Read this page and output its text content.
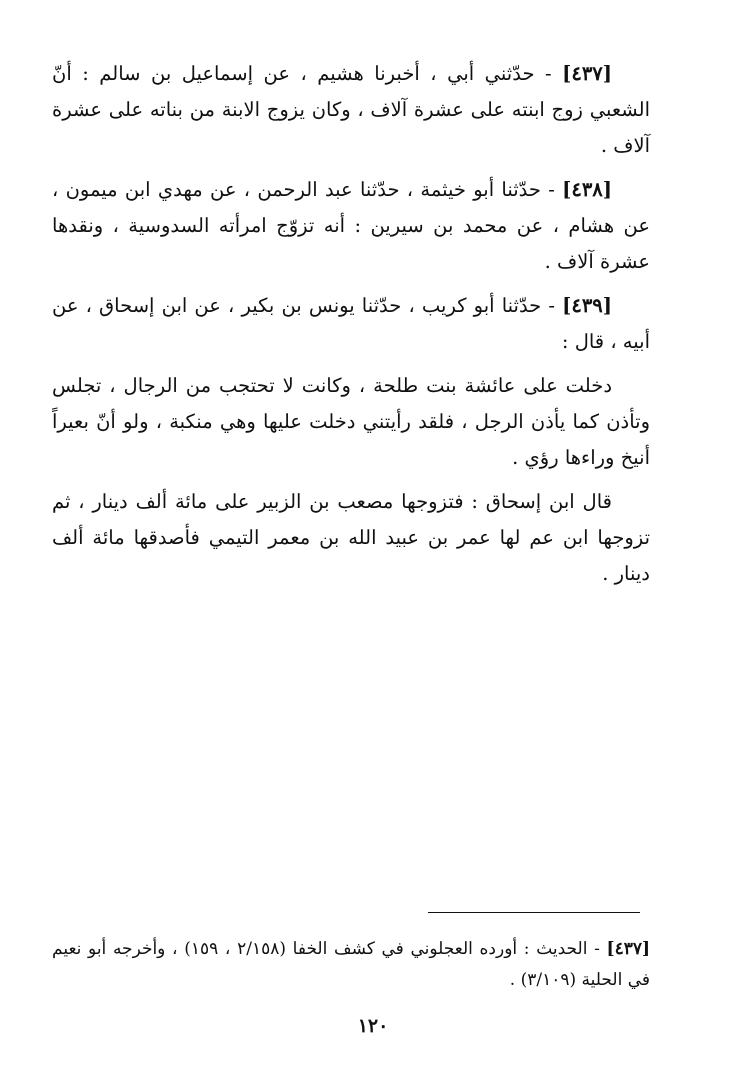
[٤٣٧] - حدّثني أبي ، أخبرنا هشيم ، عن إسماعيل بن سالم : أنّ الشعبي زوج ابنته على عشرة آلاف ، وكان يزوج الابنة من بناته على عشرة آلاف .

[٤٣٨] - حدّثنا أبو خيثمة ، حدّثنا عبد الرحمن ، عن مهدي ابن ميمون ، عن هشام ، عن محمد بن سيرين : أنه تزوّج امرأته السدوسية ، ونقدها عشرة آلاف .

[٤٣٩] - حدّثنا أبو كريب ، حدّثنا يونس بن بكير ، عن ابن إسحاق ، عن أبيه ، قال :

دخلت على عائشة بنت طلحة ، وكانت لا تحتجب من الرجال ، تجلس وتأذن كما يأذن الرجل ، فلقد رأيتني دخلت عليها وهي منكبة ، ولو أنّ بعيراً أنيخ وراءها رؤي .

قال ابن إسحاق : فتزوجها مصعب بن الزبير على مائة ألف دينار ، ثم تزوجها ابن عم لها عمر بن عبيد الله بن معمر التيمي فأصدقها مائة ألف دينار .

[٤٣٧] - الحديث : أورده العجلوني في كشف الخفا (٢/١٥٨ ، ١٥٩) ، وأخرجه أبو نعيم في الحلية (٣/١٠٩) .
١٢٠
